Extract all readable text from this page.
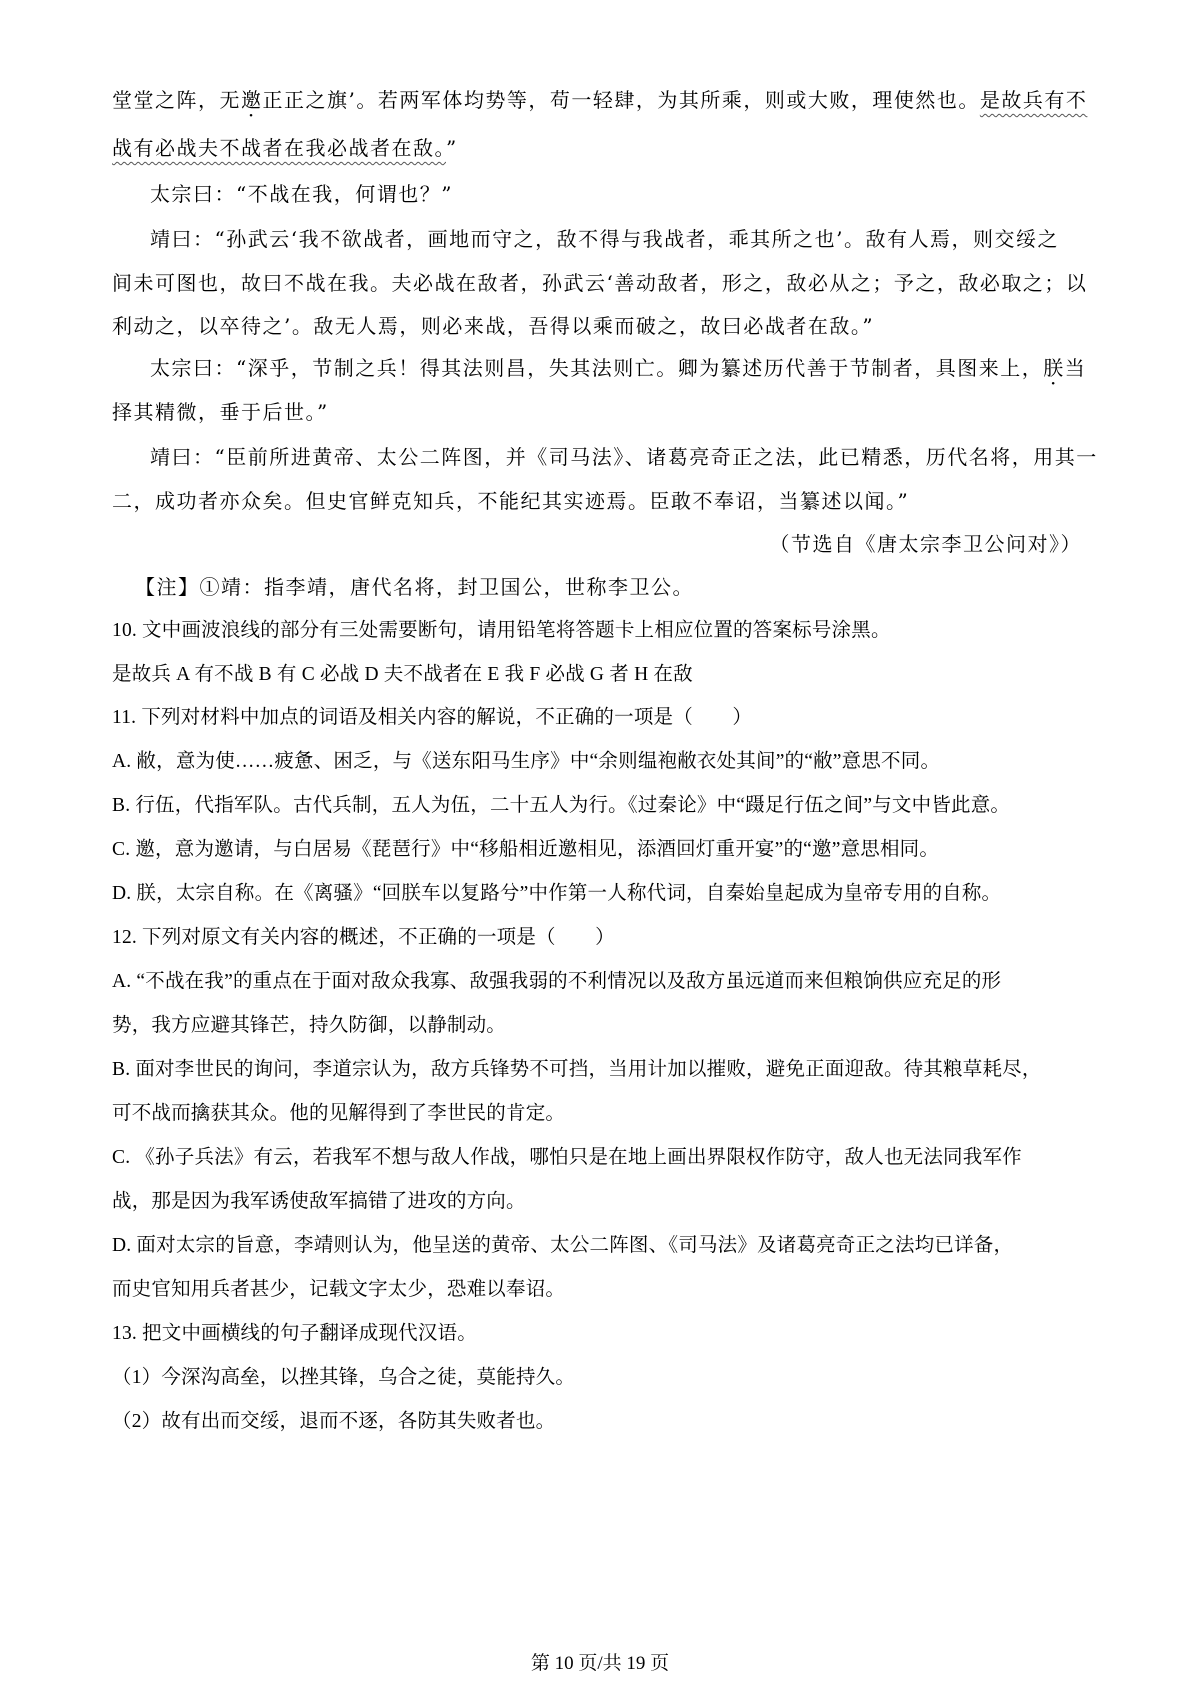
堂堂之阵，无邀正正之旗’。若两军体均势等，苟一轻肆，为其所乘，则或大败，理使然也。是故兵有不
战有必战夫不战者在我必战者在敌。”
太宗曰：“不战在我，何谓也？”
靖曰：“孙武云‘我不欲战者，画地而守之，敌不得与我战者，乖其所之也’。敌有人焉，则交绥之
间未可图也，故曰不战在我。夫必战在敌者，孙武云‘善动敌者，形之，敌必从之；予之，敌必取之；以
利动之，以卒待之’。敌无人焉，则必来战，吾得以乘而破之，故曰必战者在敌。”
太宗曰：“深乎，节制之兵！得其法则昌，失其法则亡。卿为纂述历代善于节制者，具图来上，朕当
择其精微，垂于后世。”
靖曰：“臣前所进黄帝、太公二阵图，并《司马法》、诸葛亮奇正之法，此已精悉，历代名将，用其一
二，成功者亦众矣。但史官鲜克知兵，不能纪其实迹焉。臣敢不奉诏，当纂述以闻。”
（节选自《唐太宗李卫公问对》）
【注】①靖：指李靖，唐代名将，封卫国公，世称李卫公。
10. 文中画波浪线的部分有三处需要断句，请用铅笔将答题卡上相应位置的答案标号涂黑。
是故兵 A 有不战 B 有 C 必战 D 夫不战者在 E 我 F 必战 G 者 H 在敌
11. 下列对材料中加点的词语及相关内容的解说，不正确的一项是（　　）
A. 敝，意为使……疲惫、困乏，与《送东阳马生序》中“余则缊袍敝衣处其间”的“敝”意思不同。
B. 行伍，代指军队。古代兵制，五人为伍，二十五人为行。《过秦论》中“蹑足行伍之间”与文中皆此意。
C. 邀，意为邀请，与白居易《琵琶行》中“移船相近邀相见，添酒回灯重开宴”的“邀”意思相同。
D. 朕，太宗自称。在《离骚》“回朕车以复路兮”中作第一人称代词，自秦始皇起成为皇帝专用的自称。
12. 下列对原文有关内容的概述，不正确的一项是（　　）
A. “不战在我”的重点在于面对敌众我寡、敌强我弱的不利情况以及敌方虽远道而来但粮饷供应充足的形
势，我方应避其锋芒，持久防御，以静制动。
B. 面对李世民的询问，李道宗认为，敌方兵锋势不可挡，当用计加以摧败，避免正面迎敌。待其粮草耗尽，
可不战而擒获其众。他的见解得到了李世民的肯定。
C. 《孙子兵法》有云，若我军不想与敌人作战，哪怕只是在地上画出界限权作防守，敌人也无法同我军作
战，那是因为我军诱使敌军搞错了进攻的方向。
D. 面对太宗的旨意，李靖则认为，他呈送的黄帝、太公二阵图、《司马法》及诸葛亮奇正之法均已详备，
而史官知用兵者甚少，记载文字太少，恐难以奉诏。
13. 把文中画横线的句子翻译成现代汉语。
（1）今深沟高垒，以挫其锋，乌合之徒，莫能持久。
（2）故有出而交绥，退而不逐，各防其失败者也。
第 10 页/共 19 页
